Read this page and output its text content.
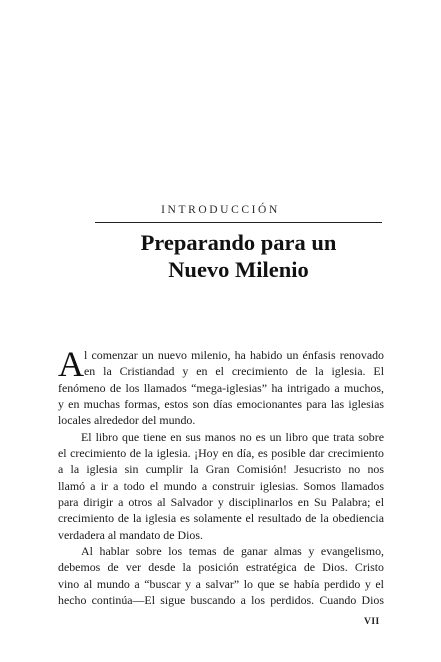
INTRODUCCIÓN
Preparando para un
Nuevo Milenio
A l comenzar un nuevo milenio, ha habido un énfasis renovado
en la Cristiandad y en el crecimiento de la iglesia. El
fenómeno de los llamados “mega-iglesias” ha intrigado a muchos,
y en muchas formas, estos son días emocionantes para las iglesias
locales alrededor del mundo.
El libro que tiene en sus manos no es un libro que trata sobre
el crecimiento de la iglesia. ¡Hoy en día, es posible dar crecimiento
a la iglesia sin cumplir la Gran Comisión! Jesucristo no nos
llamó a ir a todo el mundo a construir iglesias. Somos llamados
para dirigir a otros al Salvador y disciplinarlos en Su Palabra; el
crecimiento de la iglesia es solamente el resultado de la obediencia
verdadera al mandato de Dios.
Al hablar sobre los temas de ganar almas y evangelismo,
debemos de ver desde la posición estratégica de Dios. Cristo
vino al mundo a “buscar y a salvar” lo que se había perdido y el
hecho continúa—El sigue buscando a los perdidos. Cuando Dios
VII
